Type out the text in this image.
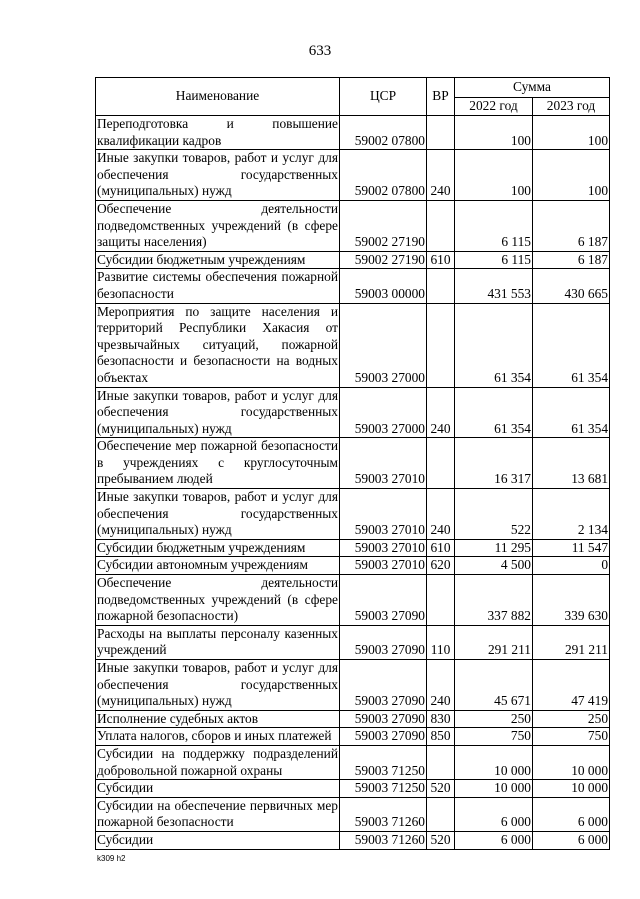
633
Наименование	ЦСР	ВР	Сумма	
			2022 год	2023 год
Переподготовка и повышение квалификации кадров	59002 07800		100	100
Иные закупки товаров, работ и услуг для обеспечения государственных (муниципальных) нужд	59002 07800	240	100	100
Обеспечение деятельности подведомственных учреждений (в сфере защиты населения)	59002 27190		6 115	6 187
Субсидии бюджетным учреждениям	59002 27190	610	6 115	6 187
Развитие системы обеспечения пожарной безопасности	59003 00000		431 553	430 665
Мероприятия по защите населения и территорий Республики Хакасия от чрезвычайных ситуаций, пожарной безопасности и безопасности на водных объектах	59003 27000		61 354	61 354
Иные закупки товаров, работ и услуг для обеспечения государственных (муниципальных) нужд	59003 27000	240	61 354	61 354
Обеспечение мер пожарной безопасности в учреждениях с круглосуточным пребыванием людей	59003 27010		16 317	13 681
Иные закупки товаров, работ и услуг для обеспечения государственных (муниципальных) нужд	59003 27010	240	522	2 134
Субсидии бюджетным учреждениям	59003 27010	610	11 295	11 547
Субсидии автономным учреждениям	59003 27010	620	4 500	0
Обеспечение деятельности подведомственных учреждений (в сфере пожарной безопасности)	59003 27090		337 882	339 630
Расходы на выплаты персоналу казенных учреждений	59003 27090	110	291 211	291 211
Иные закупки товаров, работ и услуг для обеспечения государственных (муниципальных) нужд	59003 27090	240	45 671	47 419
Исполнение судебных актов	59003 27090	830	250	250
Уплата налогов, сборов и иных платежей	59003 27090	850	750	750
Субсидии на поддержку подразделений добровольной пожарной охраны	59003 71250		10 000	10 000
Субсидии	59003 71250	520	10 000	10 000
Субсидии на обеспечение первичных мер пожарной безопасности	59003 71260		6 000	6 000
Субсидии	59003 71260	520	6 000	6 000
k309 h2
